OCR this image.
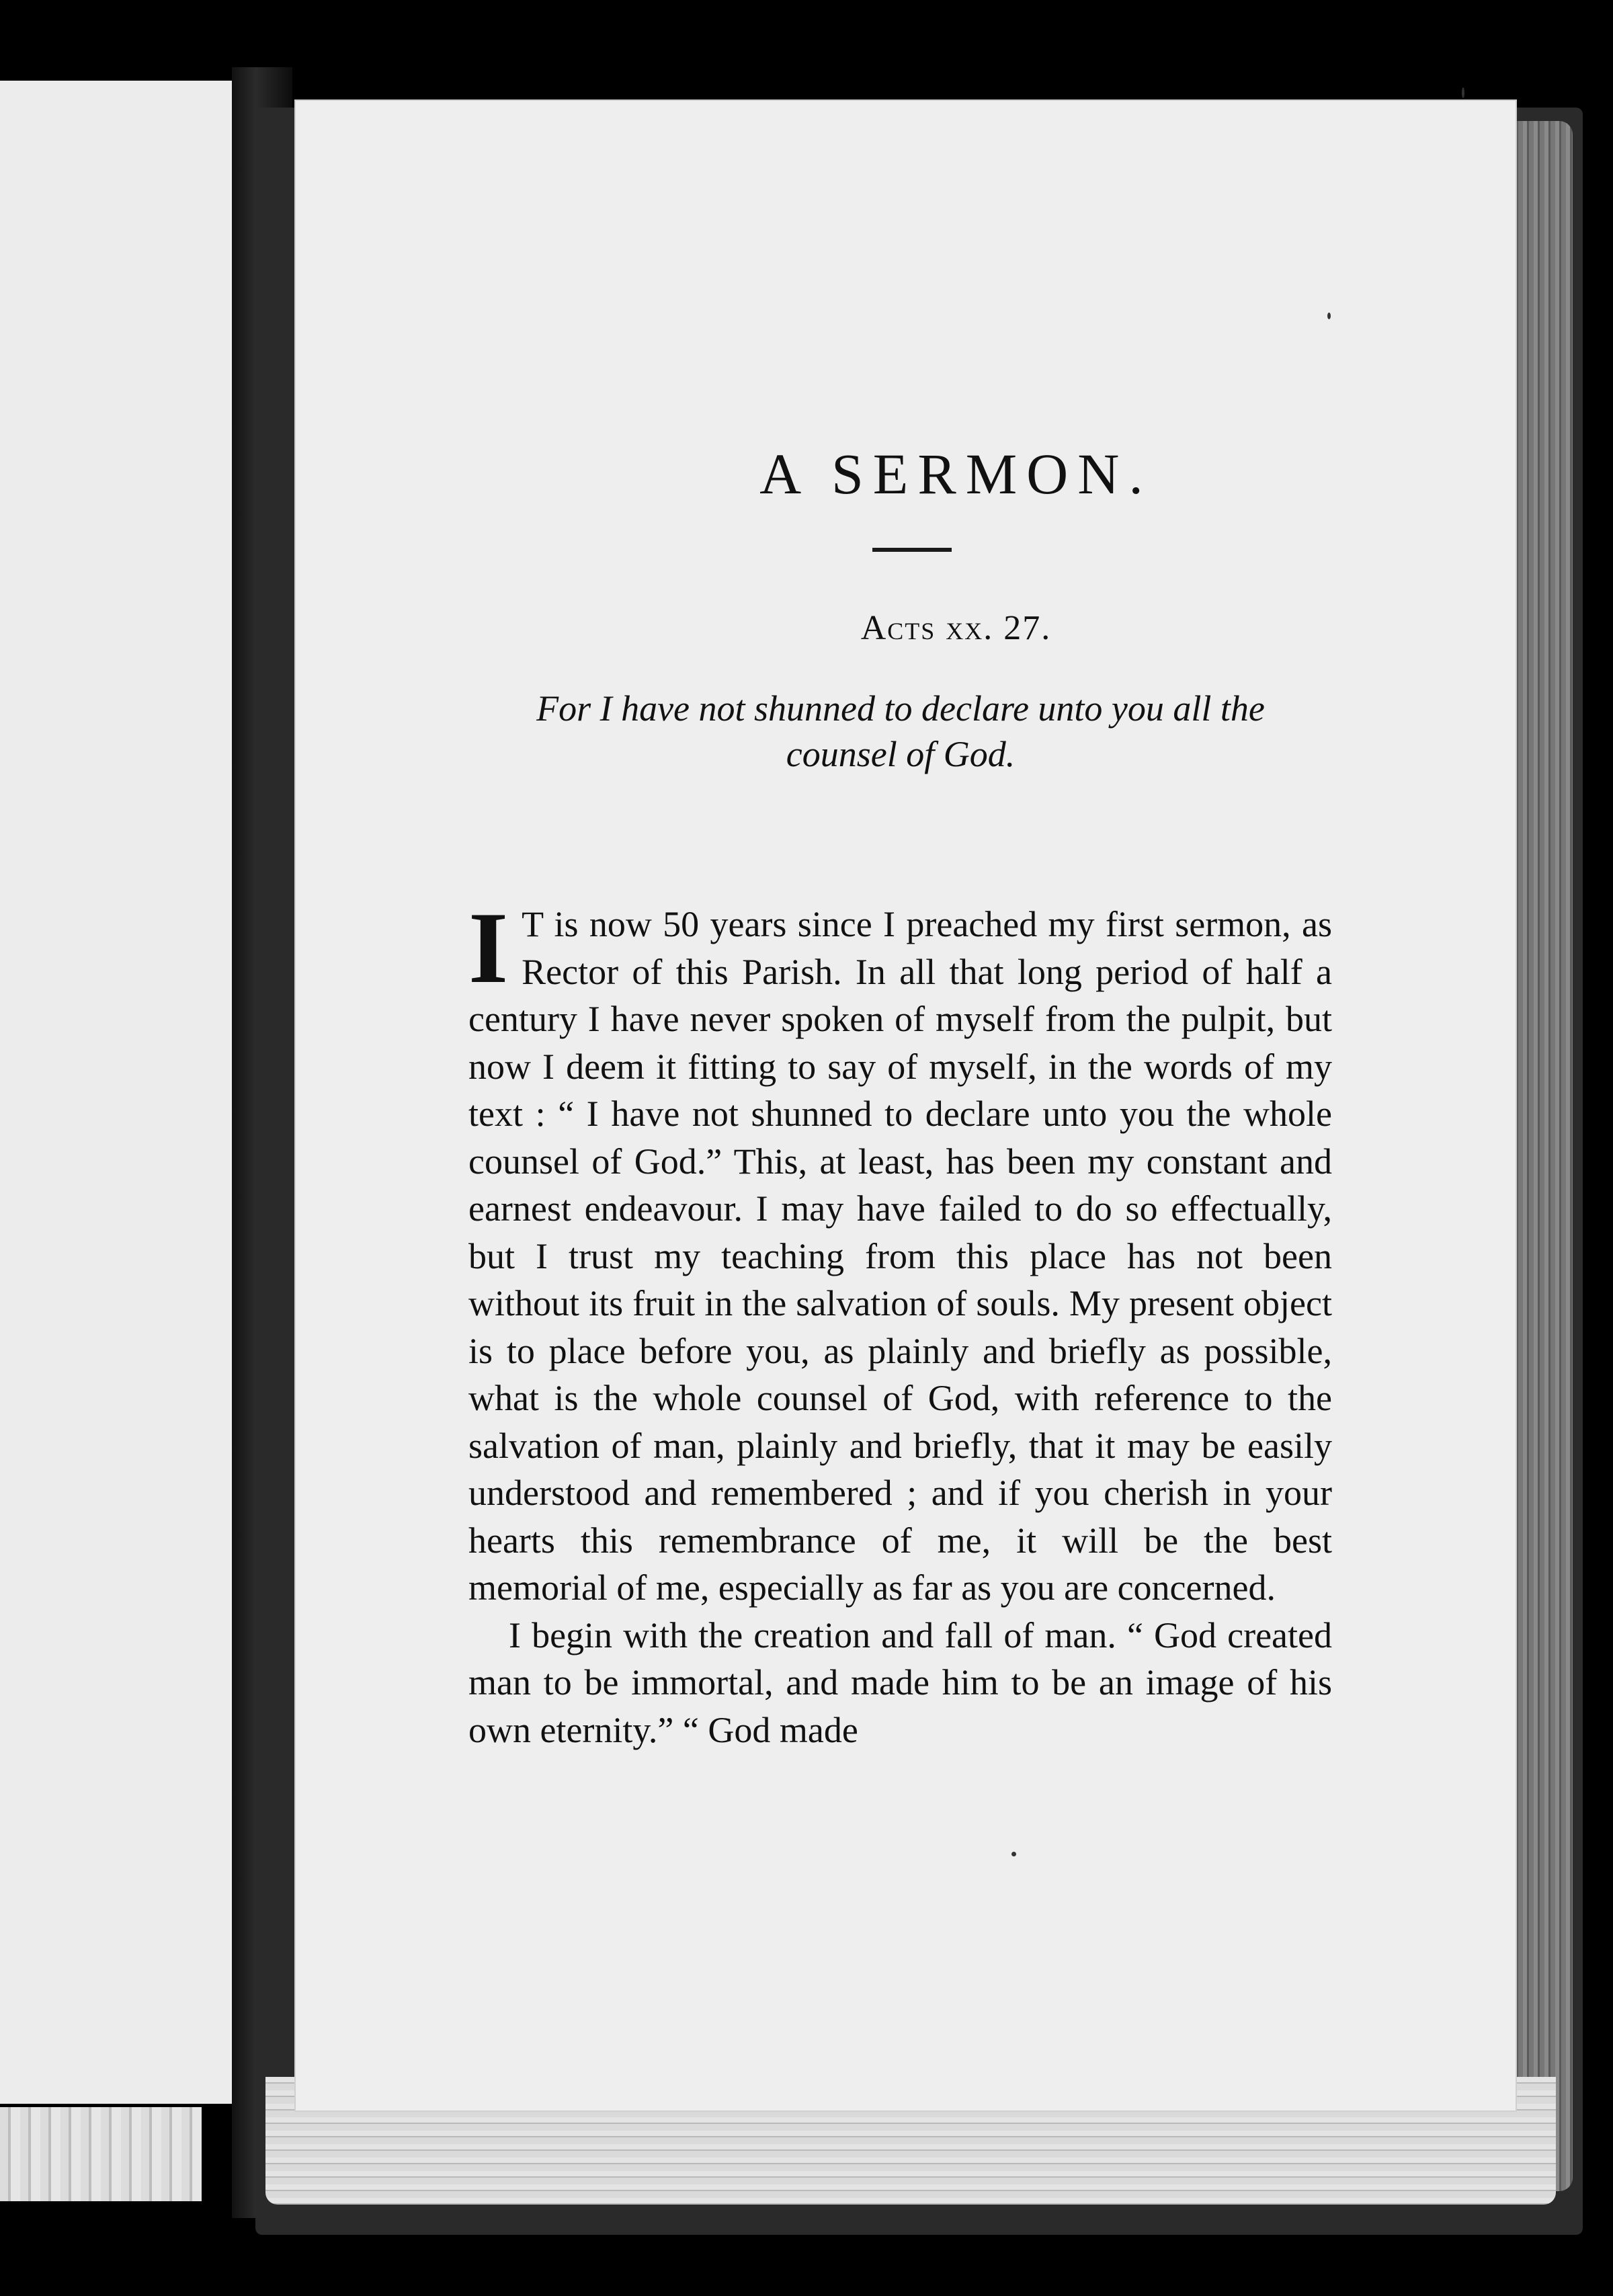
A SERMON.
Acts xx. 27.
For I have not shunned to declare unto you all the counsel of God.

I T is now 50 years since I preached my first sermon, as Rector of this Parish. In all that long period of half a century I have never spoken of myself from the pulpit, but now I deem it fitting to say of myself, in the words of my text : “ I have not shunned to declare unto you the whole counsel of God.” This, at least, has been my constant and earnest endeavour. I may have failed to do so effectually, but I trust my teaching from this place has not been without its fruit in the salvation of souls. My present object is to place before you, as plainly and briefly as possible, what is the whole counsel of God, with reference to the salvation of man, plainly and briefly, that it may be easily understood and remembered ; and if you cherish in your hearts this remembrance of me, it will be the best memorial of me, especially as far as you are concerned.

I begin with the creation and fall of man. “ God created man to be immortal, and made him to be an image of his own eternity.” “ God made
